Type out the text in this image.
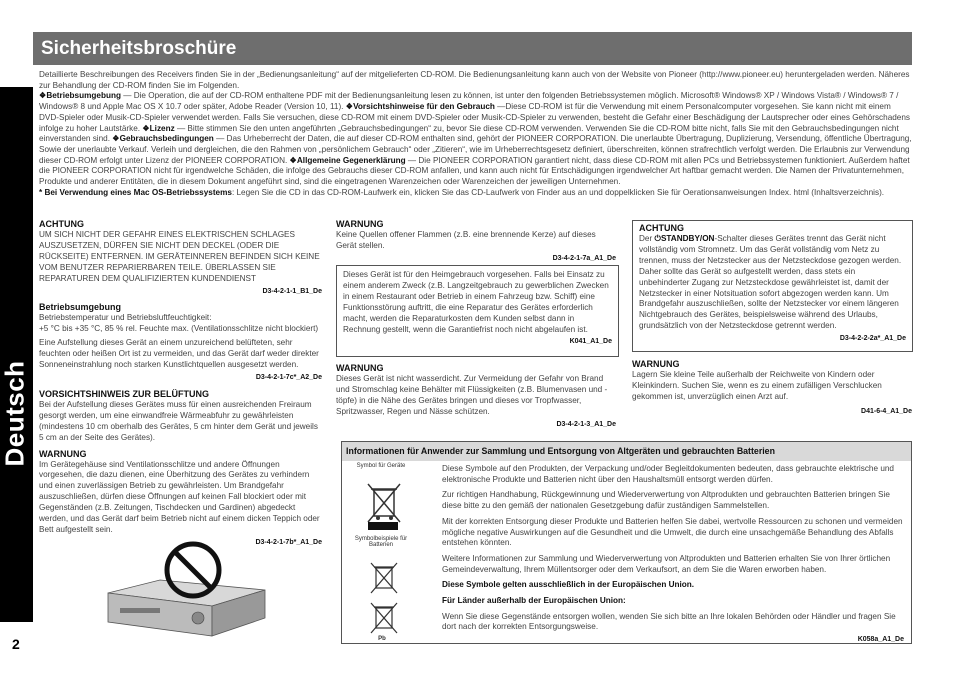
Deutsch
Sicherheitsbroschüre

Detaillierte Beschreibungen des Receivers finden Sie in der „Bedienungsanleitung“ auf der mitgelieferten CD-ROM. Die Bedienungsanleitung kann auch von der Website von Pioneer (http://www.pioneer.eu) heruntergeladen werden. Näheres zur Behandlung der CD-ROM finden Sie im Folgenden.

❖Betriebsumgebung — Die Operation, die auf der CD-ROM enthaltene PDF mit der Bedienungsanleitung lesen zu können, ist unter den folgenden Betriebssystemen möglich. Microsoft® Windows® XP / Windows Vista® / Windows® 7 / Windows® 8 und Apple Mac OS X 10.7 oder später, Adobe Reader (Version 10, 11). ❖Vorsichtshinweise für den Gebrauch —Diese CD-ROM ist für die Verwendung mit einem Personalcomputer vorgesehen. Sie kann nicht mit einem DVD-Spieler oder Musik-CD-Spieler verwendet werden. Falls Sie versuchen, diese CD-ROM mit einem DVD-Spieler oder Musik-CD-Spieler zu verwenden, besteht die Gefahr einer Beschädigung der Lautsprecher oder eines Gehörschadens infolge zu hoher Lautstärke. ❖Lizenz — Bitte stimmen Sie den unten angeführten „Gebrauchsbedingungen“ zu, bevor Sie diese CD-ROM verwenden. Verwenden Sie die CD-ROM bitte nicht, falls Sie mit den Gebrauchsbedingungen nicht einverstanden sind. ❖Gebrauchsbedingungen — Das Urheberrecht der Daten, die auf dieser CD-ROM enthalten sind, gehört der PIONEER CORPORATION. Die unerlaubte Übertragung, Duplizierung, Versendung, öffentliche Übertragung, Sowie der unerlaubte Verkauf. Verleih und dergleichen, die den Rahmen von „persönlichem Gebrauch“ oder „Zitieren“, wie im Urheberrechtsgesetz definiert, überschreiten, können strafrechtlich verfolgt werden. Die Erlaubnis zur Verwendung dieser CD-ROM erfolgt unter Lizenz der PIONEER CORPORATION. ❖Allgemeine Gegenerklärung — Die PIONEER CORPORATION garantiert nicht, dass diese CD-ROM mit allen PCs und Betriebssystemen funktioniert. Außerdem haftet die PIONEER CORPORATION nicht für irgendwelche Schäden, die infolge des Gebrauchs dieser CD-ROM anfallen, und kann auch nicht für Entschädigungen irgendwelcher Art haftbar gemacht werden. Die Namen der Privatunternehmen, Produkte und anderer Entitäten, die in diesem Dokument angeführt sind, sind die eingetragenen Warenzeichen oder Warenzeichen der jeweiligen Unternehmen.

* Bei Verwendung eines Mac OS-Betriebssystems: Legen Sie die CD in das CD-ROM-Laufwerk ein, klicken Sie das CD-Laufwerk von Finder aus an und doppelklicken Sie für Oerationsanweisungen Index. html (Inhaltsverzeichnis).

ACHTUNG

UM SICH NICHT DER GEFAHR EINES ELEKTRISCHEN SCHLAGES AUSZUSETZEN, DÜRFEN SIE NICHT DEN DECKEL (ODER DIE RÜCKSEITE) ENTFERNEN. IM GERÄTEINNEREN BEFINDEN SICH KEINE VOM BENUTZER REPARIERBAREN TEILE. ÜBERLASSEN SIE REPARATUREN DEM QUALIFIZIERTEN KUNDENDIENST

D3-4-2-1-1_B1_De
Betriebsumgebung

Betriebstemperatur und Betriebsluftfeuchtigkeit:

+5 °C bis +35 °C, 85 % rel. Feuchte max. (Ventilationsschlitze nicht blockiert)

Eine Aufstellung dieses Gerät an einem unzureichend belüfteten, sehr feuchten oder heißen Ort ist zu vermeiden, und das Gerät darf weder direkter Sonneneinstrahlung noch starken Kunstlichtquellen ausgesetzt werden.

D3-4-2-1-7c*_A2_De
VORSICHTSHINWEIS ZUR BELÜFTUNG

Bei der Aufstellung dieses Gerätes muss für einen ausreichenden Freiraum gesorgt werden, um eine einwandfreie Wärmeabfuhr zu gewährleisten (mindestens 10 cm oberhalb des Gerätes, 5 cm hinter dem Gerät und jeweils 5 cm an der Seite des Gerätes).

WARNUNG

Im Gerätegehäuse sind Ventilationsschlitze und andere Öffnungen vorgesehen, die dazu dienen, eine Überhitzung des Gerätes zu verhindern und einen zuverlässigen Betrieb zu gewährleisten. Um Brandgefahr auszuschließen, dürfen diese Öffnungen auf keinen Fall blockiert oder mit Gegenständen (z.B. Zeitungen, Tischdecken und Gardinen) abgedeckt werden, und das Gerät darf beim Betrieb nicht auf einem dicken Teppich oder Bett aufgestellt sein.

D3-4-2-1-7b*_A1_De
WARNUNG

Keine Quellen offener Flammen (z.B. eine brennende Kerze) auf dieses Gerät stellen.

D3-4-2-1-7a_A1_De

Dieses Gerät ist für den Heimgebrauch vorgesehen. Falls bei Einsatz zu einem anderem Zweck (z.B. Langzeitgebrauch zu gewerblichen Zwecken in einem Restaurant oder Betrieb in einem Fahrzeug bzw. Schiff) eine Funktionsstörung auftritt, die eine Reparatur des Gerätes erforderlich macht, werden die Reparaturkosten dem Kunden selbst dann in Rechnung gestellt, wenn die Garantiefrist noch nicht abgelaufen ist.

K041_A1_De
WARNUNG

Dieses Gerät ist nicht wasserdicht. Zur Vermeidung der Gefahr von Brand und Stromschlag keine Behälter mit Flüssigkeiten (z.B. Blumenvasen und -töpfe) in die Nähe des Gerätes bringen und dieses vor Tropfwasser, Spritzwasser, Regen und Nässe schützen.

D3-4-2-1-3_A1_De
ACHTUNG

Der ⏻STANDBY/ON-Schalter dieses Gerätes trennt das Gerät nicht vollständig vom Stromnetz. Um das Gerät vollständig vom Netz zu trennen, muss der Netzstecker aus der Netzsteckdose gezogen werden. Daher sollte das Gerät so aufgestellt werden, dass stets ein unbehinderter Zugang zur Netzsteckdose gewährleistet ist, damit der Netzstecker in einer Notsituation sofort abgezogen werden kann. Um Brandgefahr auszuschließen, sollte der Netzstecker vor einem längeren Nichtgebrauch des Gerätes, beispielsweise während des Urlaubs, grundsätzlich von der Netzsteckdose getrennt werden.

D3-4-2-2-2a*_A1_De
WARNUNG

Lagern Sie kleine Teile außerhalb der Reichweite von Kindern oder Kleinkindern. Suchen Sie, wenn es zu einem zufälligen Verschlucken gekommen ist, unverzüglich einen Arzt auf.

D41-6-4_A1_De
Informationen für Anwender zur Sammlung und Entsorgung von Altgeräten und gebrauchten Batterien
Symbol für Geräte
Symbolbeispiele für Batterien
Pb

Diese Symbole auf den Produkten, der Verpackung und/oder Begleitdokumenten bedeuten, dass gebrauchte elektrische und elektronische Produkte und Batterien nicht über den Haushaltsmüll entsorgt werden dürfen.

Zur richtigen Handhabung, Rückgewinnung und Wiederverwertung von Altprodukten und gebrauchten Batterien bringen Sie diese bitte zu den gemäß der nationalen Gesetzgebung dafür zuständigen Sammelstellen.

Mit der korrekten Entsorgung dieser Produkte und Batterien helfen Sie dabei, wertvolle Ressourcen zu schonen und vermeiden mögliche negative Auswirkungen auf die Gesundheit und die Umwelt, die durch eine unsachgemäße Behandlung des Abfalls entstehen könnten.

Weitere Informationen zur Sammlung und Wiederverwertung von Altprodukten und Batterien erhalten Sie von Ihrer örtlichen Gemeindeverwaltung, Ihrem Müllentsorger oder dem Verkaufsort, an dem Sie die Waren erworben haben.

Diese Symbole gelten ausschließlich in der Europäischen Union.

Für Länder außerhalb der Europäischen Union:

Wenn Sie diese Gegenstände entsorgen wollen, wenden Sie sich bitte an Ihre lokalen Behörden oder Händler und fragen Sie dort nach der korrekten Entsorgungsweise.

K058a_A1_De
2
